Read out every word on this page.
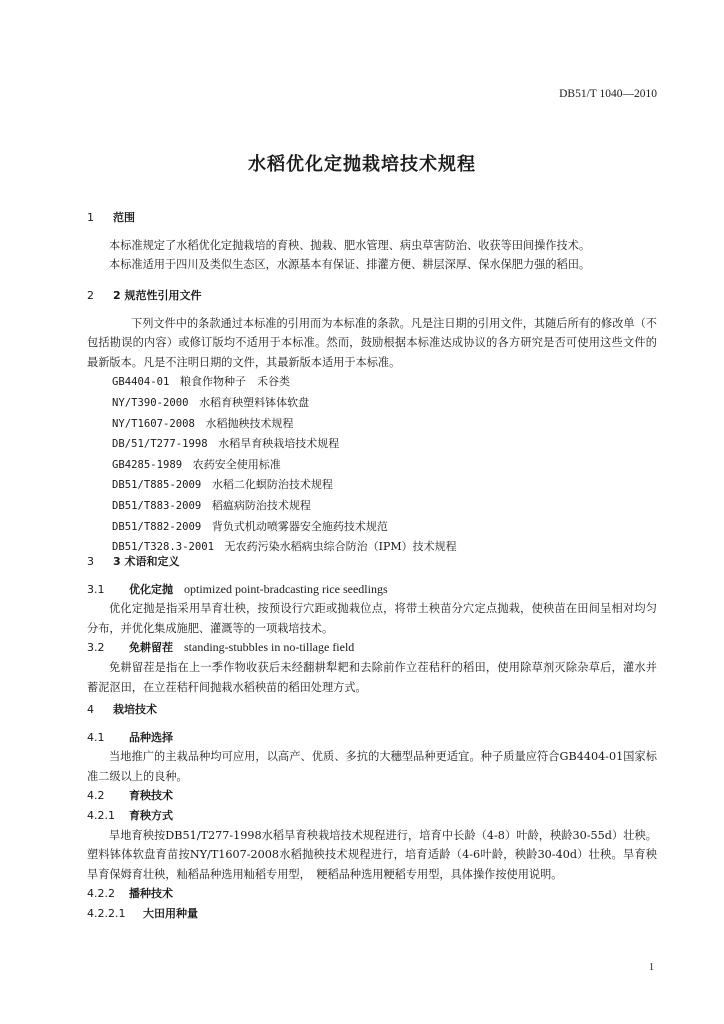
DB51/T 1040—2010
水稻优化定抛栽培技术规程
1 范围
本标准规定了水稻优化定抛栽培的育秧、抛栽、肥水管理、病虫草害防治、收获等田间操作技术。
本标准适用于四川及类似生态区，水源基本有保证、排灌方便、耕层深厚、保水保肥力强的稻田。
2 2 规范性引用文件
下列文件中的条款通过本标准的引用而为本标准的条款。凡是注日期的引用文件，其随后所有的修改单（不包括勘误的内容）或修订版均不适用于本标准。然而，鼓励根据本标准达成协议的各方研究是否可使用这些文件的最新版本。凡是不注明日期的文件，其最新版本适用于本标准。
GB4404-01　 粮食作物种子　禾谷类
NY/T390-2000　 水稻育秧塑料钵体软盘
NY/T1607-2008　 水稻抛秧技术规程
DB/51/T277-1998　 水稻旱育秧栽培技术规程
GB4285-1989　 农药安全使用标准
DB51/T885-2009　 水稻二化螟防治技术规程
DB51/T883-2009　 稻瘟病防治技术规程
DB51/T882-2009　 背负式机动喷雾器安全施药技术规范
DB51/T328.3-2001　 无农药污染水稻病虫综合防治（IPM）技术规程
3 3 术语和定义
3.1 优化定抛　 optimized point-bradcasting rice seedlings
优化定抛是指采用旱育壮秧，按预设行穴距或抛栽位点，将带土秧苗分穴定点抛栽，使秧苗在田间呈相对均匀分布，并优化集成施肥、灌溉等的一项栽培技术。
3.2 免耕留茬　 standing-stubbles in no-tillage field
免耕留茬是指在上一季作物收获后未经翻耕犁耙和去除前作立茬秸秆的稻田，使用除草剂灭除杂草后，灌水并蓄泥沤田，在立茬秸秆间抛栽水稻秧苗的稻田处理方式。
4 栽培技术
4.1 品种选择
当地推广的主栽品种均可应用，以高产、优质、多抗的大穗型品种更适宜。种子质量应符合GB4404-01国家标准二级以上的良种。
4.2 育秧技术
4.2.1 育秧方式
旱地育秧按DB51/T277-1998水稻旱育秧栽培技术规程进行，培育中长龄（4-8）叶龄，秧龄30-55d）壮秧。塑料钵体软盘育苗按NY/T1607-2008水稻抛秧技术规程进行，培育适龄（4-6叶龄，秧龄30-40d）壮秧。旱育秧旱育保姆育壮秧，籼稻品种选用籼稻专用型，　粳稻品种选用粳稻专用型，具体操作按使用说明。
4.2.2 播种技术
4.2.2.1 大田用种量
1
